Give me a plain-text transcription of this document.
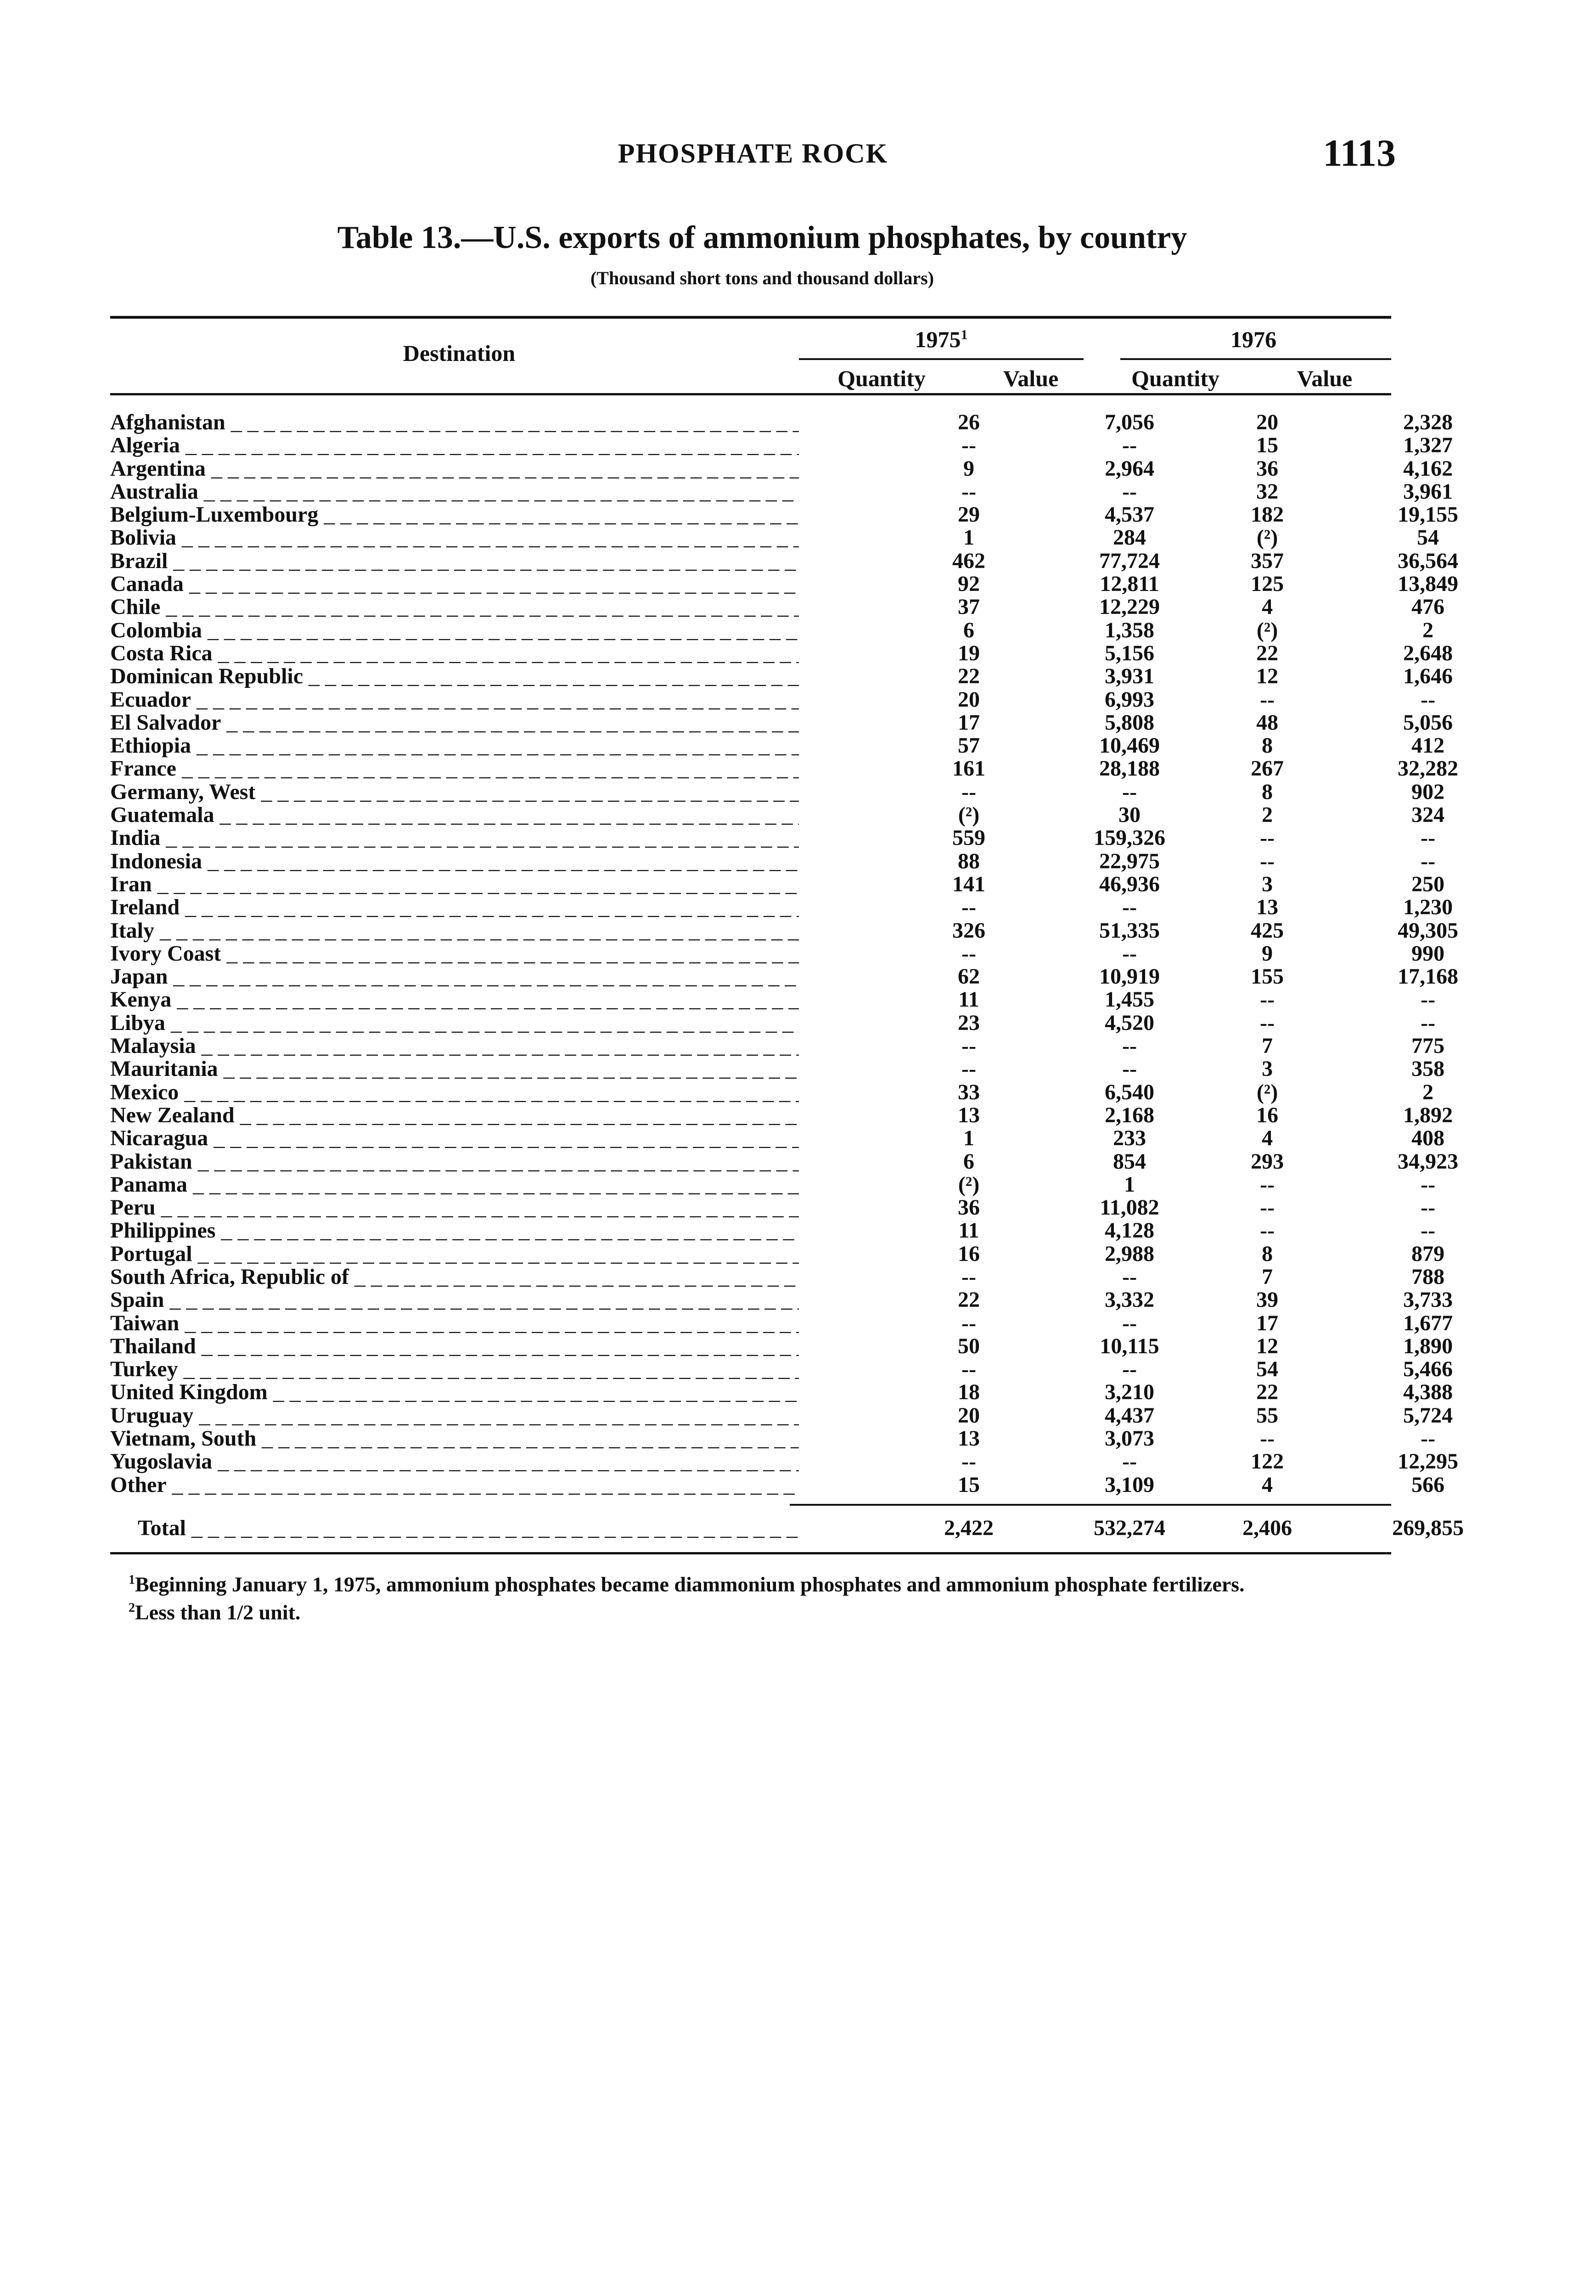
PHOSPHATE ROCK	1113
Table 13.—U.S. exports of ammonium phosphates, by country
(Thousand short tons and thousand dollars)
Destination
1975$^1$	1976
Quantity	Value	Quantity	Value
Afghanistan _ _ _	26	7,056	20	2,328
Algeria _ _ _	--	--	15	1,327
Argentina _ _ _	9	2,964	36	4,162
Australia _ _ _	--	--	32	3,961
Belgium-Luxembourg _ _ _	29	4,537	182	19,155
Bolivia _ _ _	1	284	(²)	54
Brazil _ _ _	462	77,724	357	36,564
Canada _ _ _	92	12,811	125	13,849
Chile _ _ _	37	12,229	4	476
Colombia _ _ _	6	1,358	(²)	2
Costa Rica _ _ _	19	5,156	22	2,648
Dominican Republic _ _ _	22	3,931	12	1,646
Ecuador _ _ _	20	6,993	--	--
El Salvador _ _ _	17	5,808	48	5,056
Ethiopia _ _ _	57	10,469	8	412
France _ _ _	161	28,188	267	32,282
Germany, West _ _ _	--	--	8	902
Guatemala _ _ _	(²)	30	2	324
India _ _ _	559	159,326	--	--
Indonesia _ _ _	88	22,975	--	--
Iran _ _ _	141	46,936	3	250
Ireland _ _ _	--	--	13	1,230
Italy _ _ _	326	51,335	425	49,305
Ivory Coast _ _ _	--	--	9	990
Japan _ _ _	62	10,919	155	17,168
Kenya _ _ _	11	1,455	--	--
Libya _ _ _	23	4,520	--	--
Malaysia _ _ _	--	--	7	775
Mauritania _ _ _	--	--	3	358
Mexico _ _ _	33	6,540	(²)	2
New Zealand _ _ _	13	2,168	16	1,892
Nicaragua _ _ _	1	233	4	408
Pakistan _ _ _	6	854	293	34,923
Panama _ _ _	(²)	1	--	--
Peru _ _ _	36	11,082	--	--
Philippines _ _ _	11	4,128	--	--
Portugal _ _ _	16	2,988	8	879
South Africa, Republic of _ _ _	--	--	7	788
Spain _ _ _	22	3,332	39	3,733
Taiwan _ _ _	--	--	17	1,677
Thailand _ _ _	50	10,115	12	1,890
Turkey _ _ _	--	--	54	5,466
United Kingdom _ _ _	18	3,210	22	4,388
Uruguay _ _ _	20	4,437	55	5,724
Vietnam, South _ _ _	13	3,073	--	--
Yugoslavia _ _ _	--	--	122	12,295
Other _ _ _	15	3,109	4	566
Total _ _ _	2,422	532,274	2,406	269,855

$^1$Beginning January 1, 1975, ammonium phosphates became diammonium phosphates and ammonium phosphate fertilizers.

$^2$Less than 1/2 unit.
